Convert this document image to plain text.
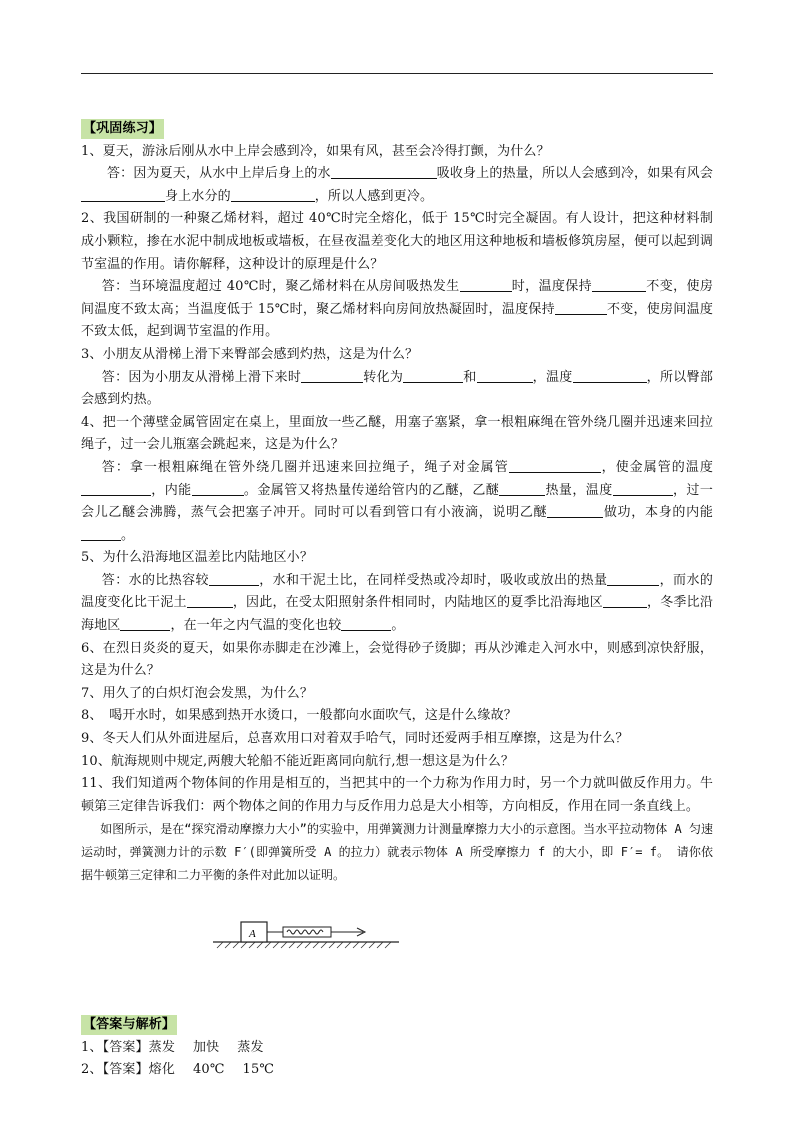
【巩固练习】

1、夏天，游泳后刚从水中上岸会感到冷，如果有风，甚至会冷得打颤，为什么？

答：因为夏天，从水中上岸后身上的水	吸收身上的热量，所以人会感到冷，如果有风会身上水分的	，所以人感到更冷。

2、我国研制的一种聚乙烯材料，超过 40℃时完全熔化，低于 15℃时完全凝固。有人设计，把这种材料制成小颗粒，掺在水泥中制成地板或墙板，在昼夜温差变化大的地区用这种地板和墙板修筑房屋，便可以起到调节室温的作用。请你解释，这种设计的原理是什么？

答：当环境温度超过 40℃时，聚乙烯材料在从房间吸热发生	时，温度保持	不变，使房间温度不致太高；当温度低于 15℃时，聚乙烯材料向房间放热凝固时，温度保持	不变，使房间温度不致太低，起到调节室温的作用。

3、小朋友从滑梯上滑下来臀部会感到灼热，这是为什么？

答：因为小朋友从滑梯上滑下来时	转化为	和	，温度	，所以臀部会感到灼热。

4、把一个薄壁金属管固定在桌上，里面放一些乙醚，用塞子塞紧，拿一根粗麻绳在管外绕几圈并迅速来回拉绳子，过一会儿瓶塞会跳起来，这是为什么？

答：拿一根粗麻绳在管外绕几圈并迅速来回拉绳子，绳子对金属管	，使金属管的温度，内能	。金属管又将热量传递给管内的乙醚，乙醚	热量，温度	，过一会儿乙醚会沸腾，蒸气会把塞子冲开。同时可以看到管口有小液滴，说明乙醚	做功，本身的内能。

5、为什么沿海地区温差比内陆地区小？

答：水的比热容较	，水和干泥土比，在同样受热或冷却时，吸收或放出的热量	，而水的温度变化比干泥土	，因此，在受太阳照射条件相同时，内陆地区的夏季比沿海地区	，冬季比沿海地区	，在一年之内气温的变化也较	。

6、在烈日炎炎的夏天，如果你赤脚走在沙滩上，会觉得砂子烫脚；再从沙滩走入河水中，则感到凉快舒服，这是为什么？

7、用久了的白炽灯泡会发黑，为什么？

8、　喝开水时，如果感到热开水烫口，一般都向水面吹气，这是什么缘故？

9、冬天人们从外面进屋后，总喜欢用口对着双手哈气，同时还爱两手相互摩擦，这是为什么？

10、航海规则中规定,两艘大轮船不能近距离同向航行,想一想这是为什么？

11、我们知道两个物体间的作用是相互的，当把其中的一个力称为作用力时，另一个力就叫做反作用力。牛顿第三定律告诉我们：两个物体之间的作用力与反作用力总是大小相等，方向相反，作用在同一条直线上。

如图所示，是在“探究滑动摩擦力大小”的实验中，用弹簧测力计测量摩擦力大小的示意图。当水平拉动物体 A 匀速运动时，弹簧测力计的示数 F′(即弹簧所受 A 的拉力）就表示物体 A 所受摩擦力 f 的大小，即 F′= f。 请你依据牛顿第三定律和二力平衡的条件对此加以证明。

A
【答案与解析】

1、【答案】蒸发 加快 蒸发

2、【答案】熔化 40℃ 15℃
